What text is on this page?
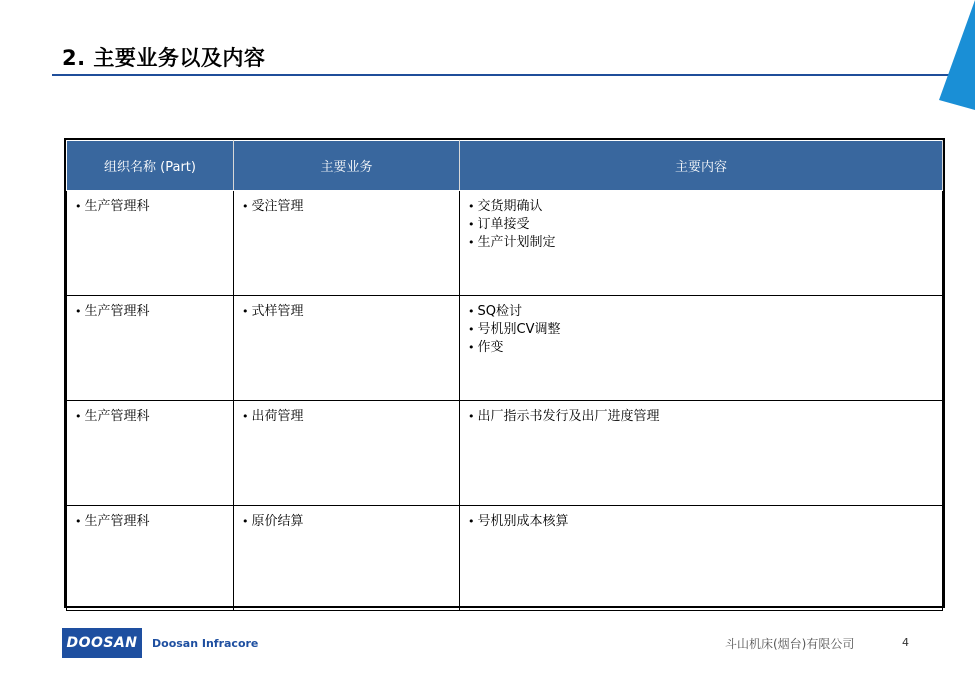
2. 主要业务以及内容
组织名称 (Part)	主要业务	主要内容

• 生产管理科	• 受注管理	• 交货期确认
• 订单接受
• 生产计划制定

• 生产管理科	• 式样管理	• SQ检讨
• 号机别CV调整
• 作变

• 生产管理科	• 出荷管理	• 出厂指示书发行及出厂进度管理

• 生产管理科	• 原价结算	• 号机别成本核算
DOOSAN	Doosan Infracore	斗山机床(烟台)有限公司	4
